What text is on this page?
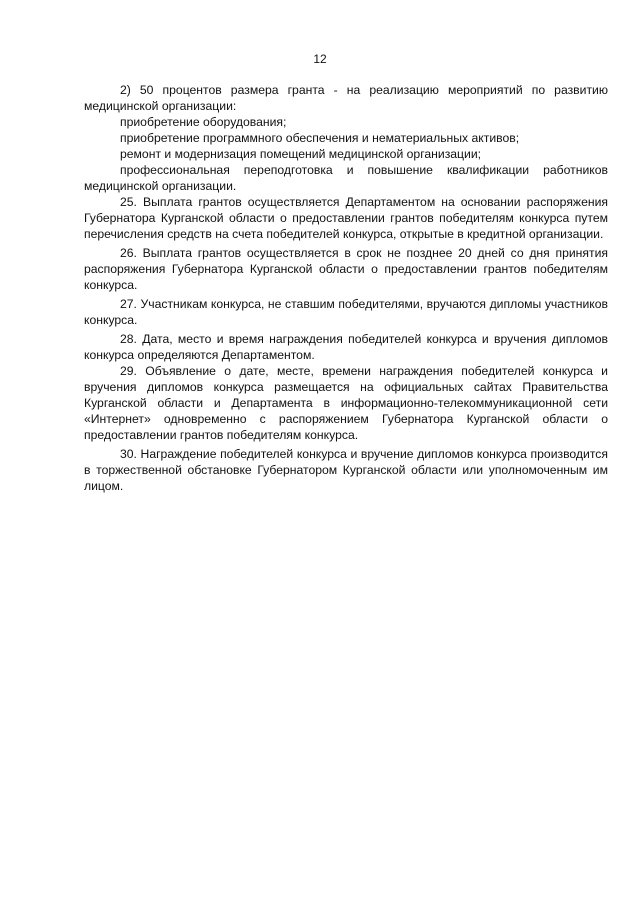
12

2) 50 процентов размера гранта - на реализацию мероприятий по развитию медицинской организации:

приобретение оборудования;

приобретение программного обеспечения и нематериальных активов;

ремонт и модернизация помещений медицинской организации;

профессиональная переподготовка и повышение квалификации работников медицинской организации.

25. Выплата грантов осуществляется Департаментом на основании распоряжения Губернатора Курганской области о предоставлении грантов победителям конкурса путем перечисления средств на счета победителей конкурса, открытые в кредитной организации.

26. Выплата грантов осуществляется в срок не позднее 20 дней со дня принятия распоряжения Губернатора Курганской области о предоставлении грантов победителям конкурса.

27. Участникам конкурса, не ставшим победителями, вручаются дипломы участников конкурса.

28. Дата, место и время награждения победителей конкурса и вручения дипломов конкурса определяются Департаментом.

29. Объявление о дате, месте, времени награждения победителей конкурса и вручения дипломов конкурса размещается на официальных сайтах Правительства Курганской области и Департамента в информационно-телекоммуникационной сети «Интернет» одновременно с распоряжением Губернатора Курганской области о предоставлении грантов победителям конкурса.

30. Награждение победителей конкурса и вручение дипломов конкурса производится в торжественной обстановке Губернатором Курганской области или уполномоченным им лицом.
